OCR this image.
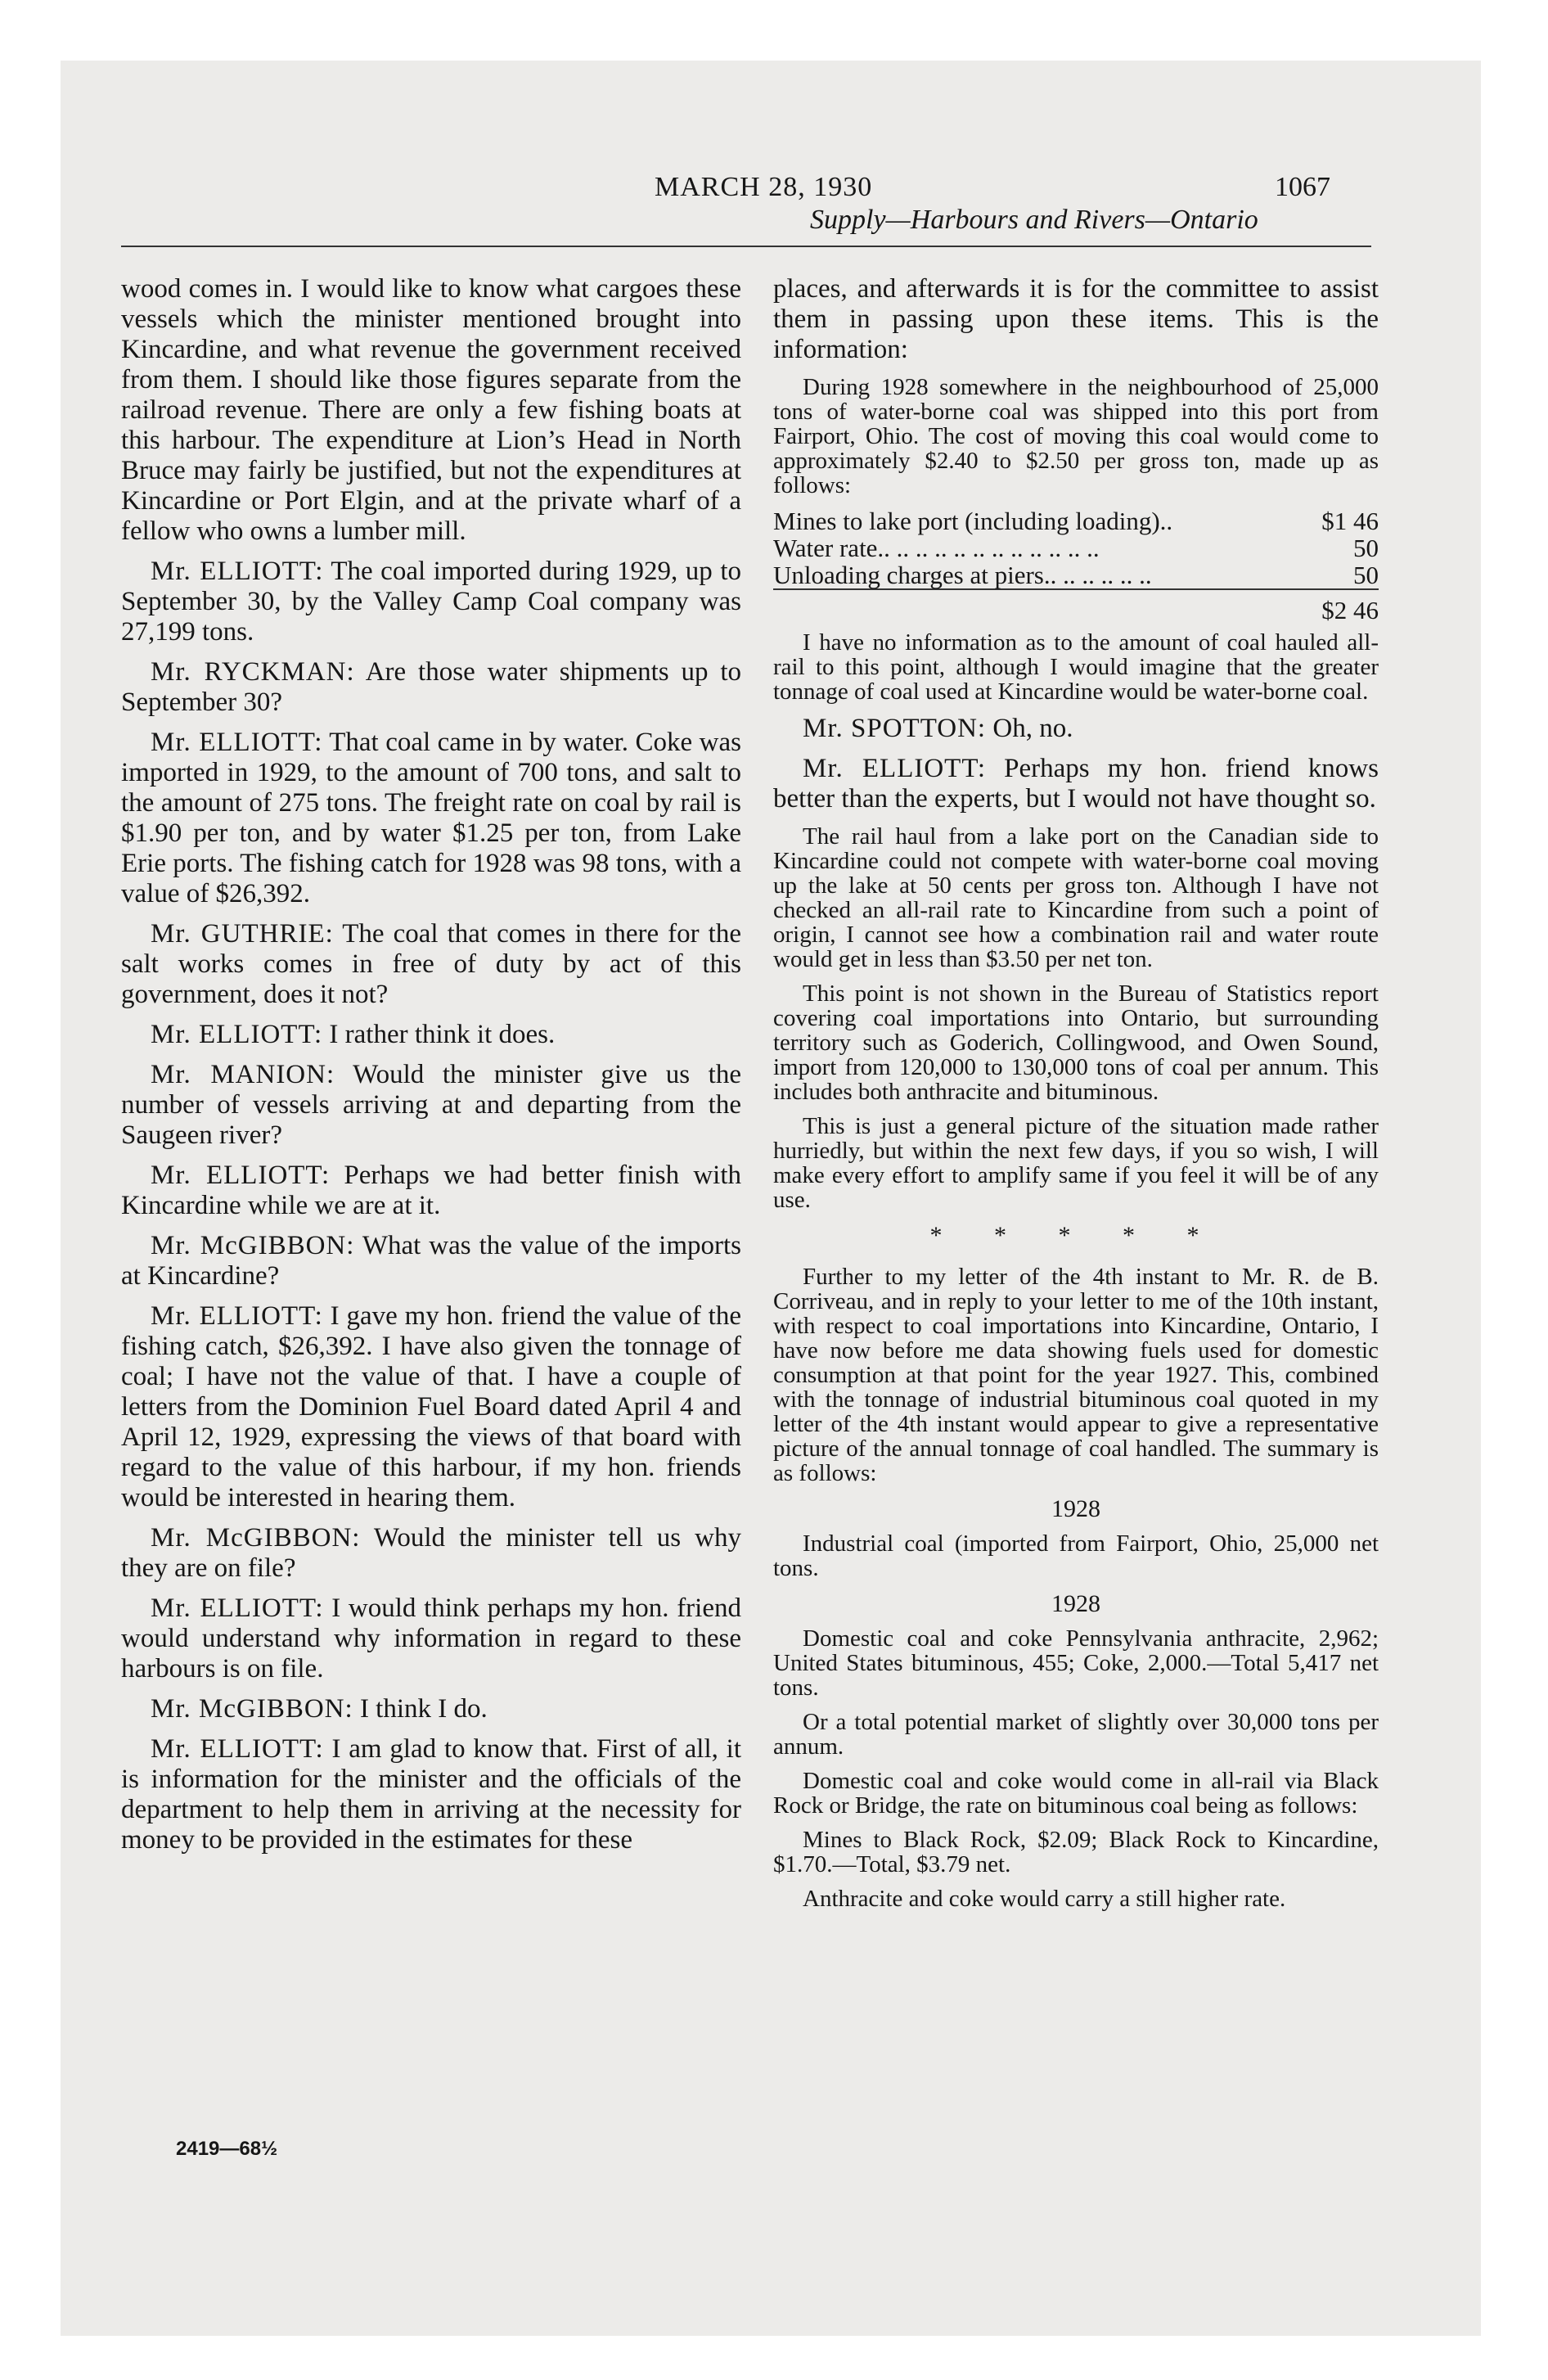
MARCH 28, 1930	1067
Supply—Harbours and Rivers—Ontario

wood comes in. I would like to know what cargoes these vessels which the minister mentioned brought into Kincardine, and what revenue the government received from them. I should like those figures separate from the railroad revenue. There are only a few fishing boats at this harbour. The expenditure at Lion’s Head in North Bruce may fairly be justified, but not the expenditures at Kincardine or Port Elgin, and at the private wharf of a fellow who owns a lumber mill.

Mr. ELLIOTT: The coal imported during 1929, up to September 30, by the Valley Camp Coal company was 27,199 tons.

Mr. RYCKMAN: Are those water shipments up to September 30?

Mr. ELLIOTT: That coal came in by water. Coke was imported in 1929, to the amount of 700 tons, and salt to the amount of 275 tons. The freight rate on coal by rail is $1.90 per ton, and by water $1.25 per ton, from Lake Erie ports. The fishing catch for 1928 was 98 tons, with a value of $26,392.

Mr. GUTHRIE: The coal that comes in there for the salt works comes in free of duty by act of this government, does it not?

Mr. ELLIOTT: I rather think it does.

Mr. MANION: Would the minister give us the number of vessels arriving at and departing from the Saugeen river?

Mr. ELLIOTT: Perhaps we had better finish with Kincardine while we are at it.

Mr. McGIBBON: What was the value of the imports at Kincardine?

Mr. ELLIOTT: I gave my hon. friend the value of the fishing catch, $26,392. I have also given the tonnage of coal; I have not the value of that. I have a couple of letters from the Dominion Fuel Board dated April 4 and April 12, 1929, expressing the views of that board with regard to the value of this harbour, if my hon. friends would be interested in hearing them.

Mr. McGIBBON: Would the minister tell us why they are on file?

Mr. ELLIOTT: I would think perhaps my hon. friend would understand why information in regard to these harbours is on file.

Mr. McGIBBON: I think I do.

Mr. ELLIOTT: I am glad to know that. First of all, it is information for the minister and the officials of the department to help them in arriving at the necessity for money to be provided in the estimates for these

2419—68½

places, and afterwards it is for the committee to assist them in passing upon these items. This is the information:

During 1928 somewhere in the neighbourhood of 25,000 tons of water-borne coal was shipped into this port from Fairport, Ohio. The cost of moving this coal would come to approximately $2.40 to $2.50 per gross ton, made up as follows:

Mines to lake port (including loading)..	$1 46
Water rate.. .. .. .. .. .. .. .. .. .. .. ..	50
Unloading charges at piers.. .. .. .. .. ..	50
	$2 46

I have no information as to the amount of coal hauled all-rail to this point, although I would imagine that the greater tonnage of coal used at Kincardine would be water-borne coal.

Mr. SPOTTON: Oh, no.

Mr. ELLIOTT: Perhaps my hon. friend knows better than the experts, but I would not have thought so.

The rail haul from a lake port on the Canadian side to Kincardine could not compete with water-borne coal moving up the lake at 50 cents per gross ton. Although I have not checked an all-rail rate to Kincardine from such a point of origin, I cannot see how a combination rail and water route would get in less than $3.50 per net ton.

This point is not shown in the Bureau of Statistics report covering coal importations into Ontario, but surrounding territory such as Goderich, Collingwood, and Owen Sound, import from 120,000 to 130,000 tons of coal per annum. This includes both anthracite and bituminous.

This is just a general picture of the situation made rather hurriedly, but within the next few days, if you so wish, I will make every effort to amplify same if you feel it will be of any use.

* * * * *

Further to my letter of the 4th instant to Mr. R. de B. Corriveau, and in reply to your letter to me of the 10th instant, with respect to coal importations into Kincardine, Ontario, I have now before me data showing fuels used for domestic consumption at that point for the year 1927. This, combined with the tonnage of industrial bituminous coal quoted in my letter of the 4th instant would appear to give a representative picture of the annual tonnage of coal handled. The summary is as follows:

1928

Industrial coal (imported from Fairport, Ohio, 25,000 net tons.

1928

Domestic coal and coke Pennsylvania anthracite, 2,962; United States bituminous, 455; Coke, 2,000.—Total 5,417 net tons.

Or a total potential market of slightly over 30,000 tons per annum.

Domestic coal and coke would come in all-rail via Black Rock or Bridge, the rate on bituminous coal being as follows:

Mines to Black Rock, $2.09; Black Rock to Kincardine, $1.70.—Total, $3.79 net.

Anthracite and coke would carry a still higher rate.
